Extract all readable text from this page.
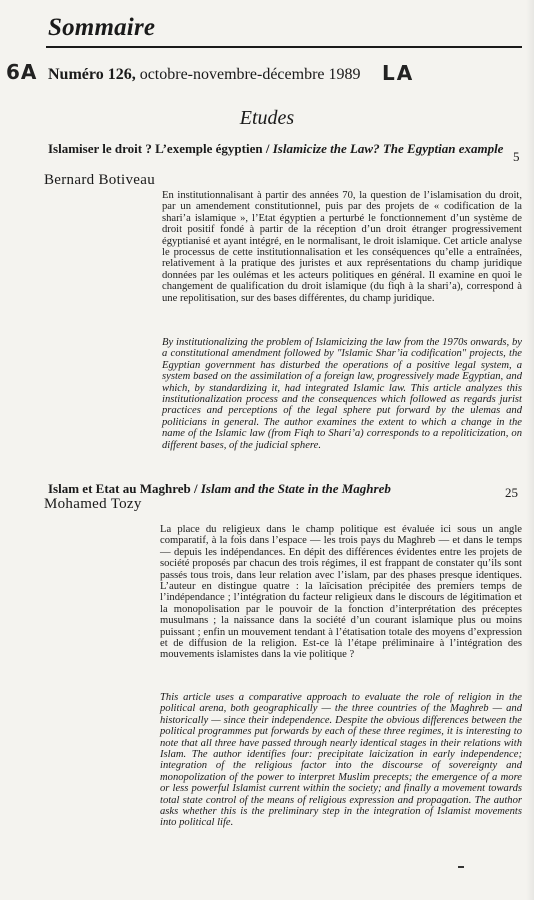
Sommaire
6A Numéro 126, octobre-novembre-décembre 1989 LA
Etudes
Islamiser le droit ? L’exemple égyptien / Islamicize the Law? The Egyptian example
5
Bernard Botiveau
En institutionnalisant à partir des années 70, la question de l’islamisation du droit, par un amendement constitutionnel, puis par des projets de « codification de la shari’a islamique », l’Etat égyptien a perturbé le fonctionnement d’un système de droit positif fondé à partir de la réception d’un droit étranger progressivement égyptianisé et ayant intégré, en le normalisant, le droit islamique. Cet article analyse le processus de cette institutionnalisation et les conséquences qu’elle a entraînées, relativement à la pratique des juristes et aux représentations du champ juridique données par les oulémas et les acteurs politiques en général. Il examine en quoi le changement de qualification du droit islamique (du fiqh à la shari’a), correspond à une repolitisation, sur des bases différentes, du champ juridique.
By institutionalizing the problem of Islamicizing the law from the 1970s onwards, by a constitutional amendment followed by "Islamic Shar’ia codification" projects, the Egyptian government has disturbed the operations of a positive legal system, a system based on the assimilation of a foreign law, progressively made Egyptian, and which, by standardizing it, had integrated Islamic law. This article analyzes this institutionalization process and the consequences which followed as regards jurist practices and perceptions of the legal sphere put forward by the ulemas and politicians in general. The author examines the extent to which a change in the name of the Islamic law (from Fiqh to Shari’a) corresponds to a repoliticization, on different bases, of the judicial sphere.
Islam et Etat au Maghreb / Islam and the State in the Maghreb	25
Mohamed Tozy
La place du religieux dans le champ politique est évaluée ici sous un angle comparatif, à la fois dans l’espace — les trois pays du Maghreb — et dans le temps — depuis les indépendances. En dépit des différences évidentes entre les projets de société proposés par chacun des trois régimes, il est frappant de constater qu’ils sont passés tous trois, dans leur relation avec l’islam, par des phases presque identiques. L’auteur en distingue quatre : la laïcisation précipitée des premiers temps de l’indépendance ; l’intégration du facteur religieux dans le discours de légitimation et la monopolisation par le pouvoir de la fonction d’interprétation des préceptes musulmans ; la naissance dans la société d’un courant islamique plus ou moins puissant ; enfin un mouvement tendant à l’étatisation totale des moyens d’expression et de diffusion de la religion. Est-ce là l’étape préliminaire à l’intégration des mouvements islamistes dans la vie politique ?
This article uses a comparative approach to evaluate the role of religion in the political arena, both geographically — the three countries of the Maghreb — and historically — since their independence. Despite the obvious differences between the political programmes put forwards by each of these three regimes, it is interesting to note that all three have passed through nearly identical stages in their relations with Islam. The author identifies four: precipitate laicization in early independence; integration of the religious factor into the discourse of sovereignty and monopolization of the power to interpret Muslim precepts; the emergence of a more or less powerful Islamist current within the society; and finally a movement towards total state control of the means of religious expression and propagation. The author asks whether this is the preliminary step in the integration of Islamist movements into political life.
